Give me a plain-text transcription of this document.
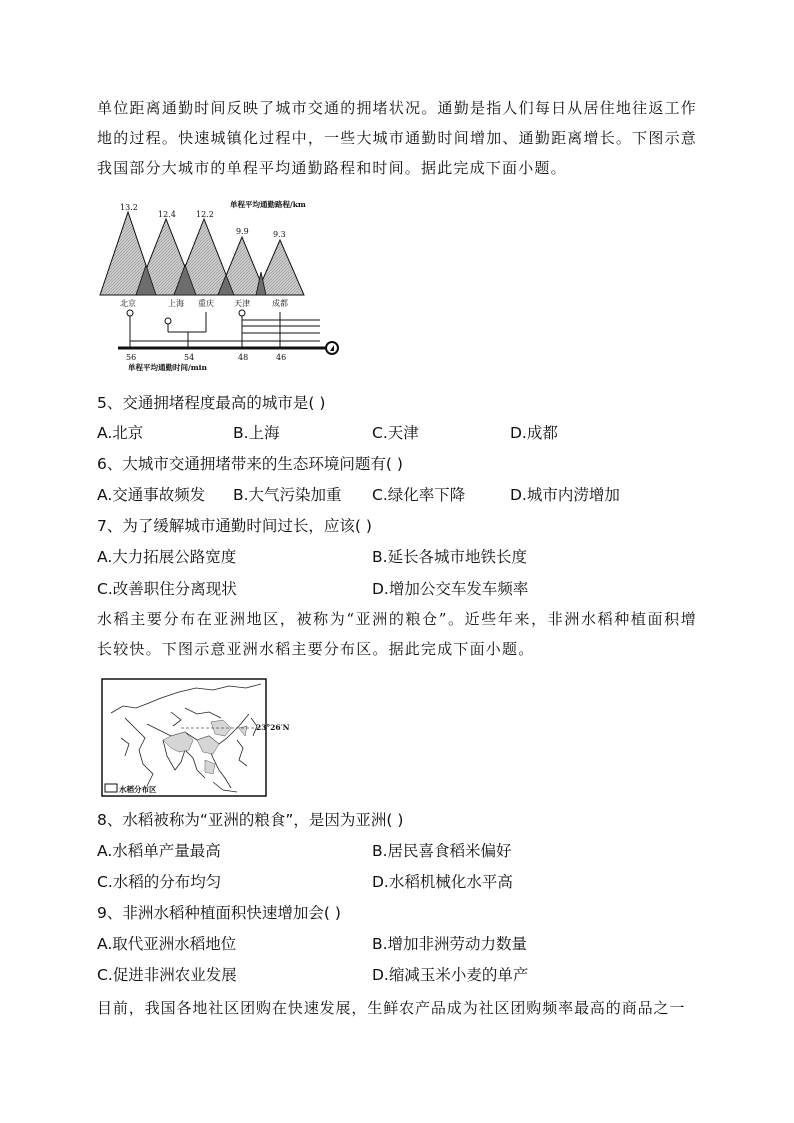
单位距离通勤时间反映了城市交通的拥堵状况。通勤是指人们每日从居住地往返工作地的过程。快速城镇化过程中，一些大城市通勤时间增加、通勤距离增长。下图示意我国部分大城市的单程平均通勤路程和时间。据此完成下面小题。
单程平均通勤路程/km
13.2
12.4	12.2
9.9	9.3
北京	上海 重庆	天津	成都
56	54	48	46
单程平均通勤时间/min
5、交通拥堵程度最高的城市是( )
A.北京	B.上海	C.天津	D.成都
6、大城市交通拥堵带来的生态环境问题有( )
A.交通事故频发 B.大气污染加重 C.绿化率下降	D.城市内涝增加
7、为了缓解城市通勤时间过长，应该( )
A.大力拓展公路宽度	B.延长各城市地铁长度
C.改善职住分离现状	D.增加公交车发车频率
水稻主要分布在亚洲地区，被称为“亚洲的粮仓”。近些年来，非洲水稻种植面积增长较快。下图示意亚洲水稻主要分布区。据此完成下面小题。
水稻分布区
23°26′N
8、水稻被称为“亚洲的粮食”，是因为亚洲( )
A.水稻单产量最高	B.居民喜食稻米偏好
C.水稻的分布均匀	D.水稻机械化水平高
9、非洲水稻种植面积快速增加会( )
A.取代亚洲水稻地位	B.增加非洲劳动力数量
C.促进非洲农业发展	D.缩减玉米小麦的单产
目前，我国各地社区团购在快速发展，生鲜农产品成为社区团购频率最高的商品之一
